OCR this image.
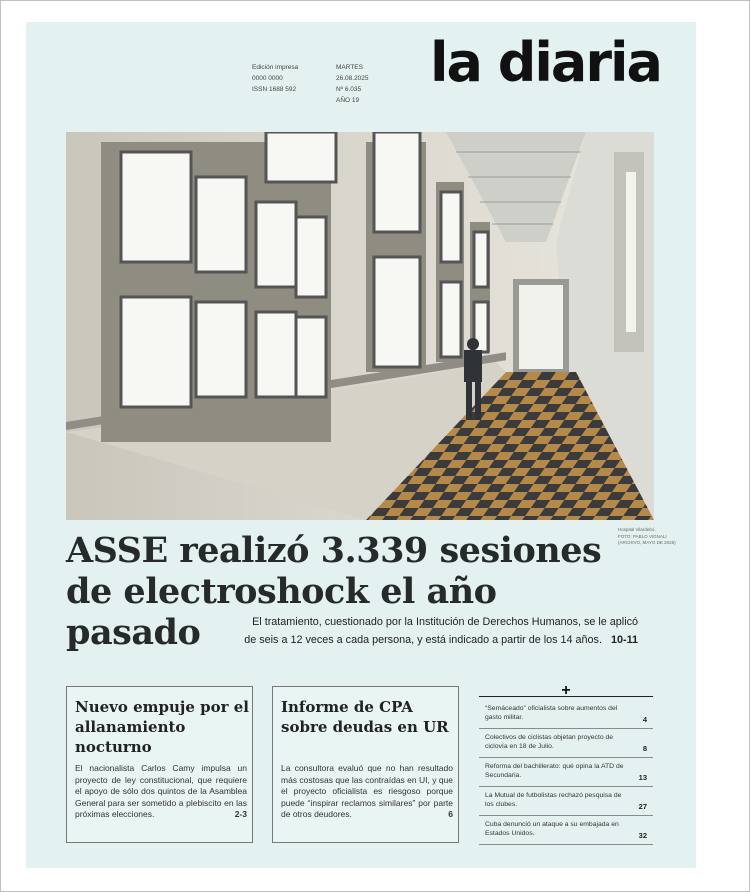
Edición impresa
0000 0000
ISSN 1688 592
MARTES
26.08.2025
Nº 6.035
AÑO 19
la diaria
Hospital Vilardebó.
FOTO: PABLO VIGNALI
(ARCHIVO, MAYO DE 2025)
ASSE realizó 3.339 sesiones
de electroshock el año pasado	El tratamiento, cuestionado por la Institución de Derechos Humanos, se le aplicó
de seis a 12 veces a cada persona, y está indicado a partir de los 14 años. 10-11

Nuevo empuje por el allanamiento nocturno

El nacionalista Carlos Camy impulsa un proyecto de ley constitucional, que requiere el apoyo de sólo dos quintos de la Asamblea General para ser sometido a plebiscito en las próximas elecciones.	2-3

Informe de CPA sobre deudas en UR

La consultora evaluó que no han resultado más costosas que las contraídas en UI, y que el proyecto oficialista es riesgoso porque puede “inspirar reclamos similares” por parte de otros deudores.	6

+
“Semáceado” oficialista sobre aumentos del gasto militar.	4
Colectivos de ciclistas objetan proyecto de ciclovía en 18 de Julio.	8
Reforma del bachillerato: qué opina la ATD de Secundaria.	13
La Mutual de futbolistas rechazó pesquisa de los clubes.	27
Cuba denunció un ataque a su embajada en Estados Unidos.	32
